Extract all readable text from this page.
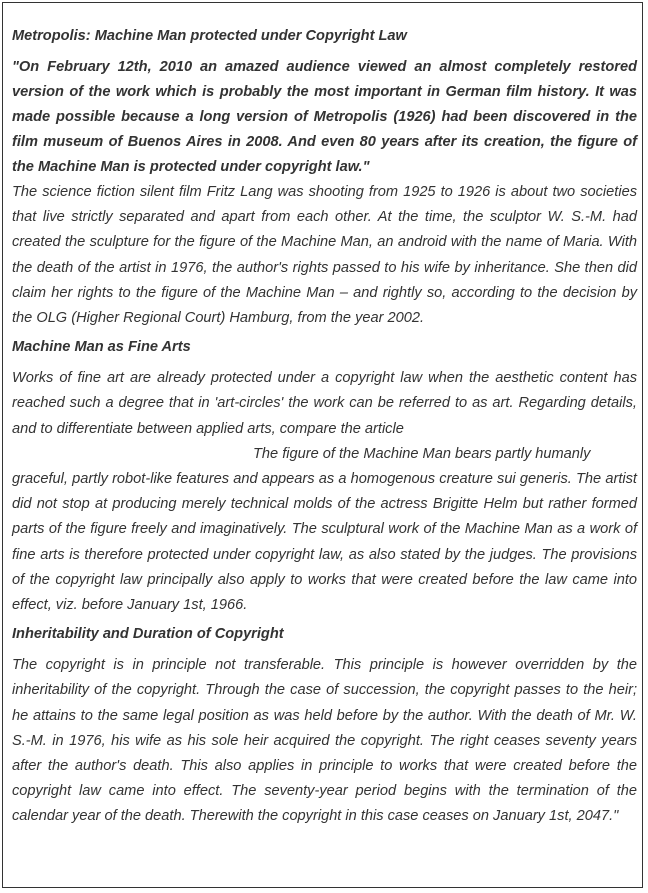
Metropolis: Machine Man protected under Copyright Law

"On February 12th, 2010 an amazed audience viewed an almost completely restored version of the work which is probably the most important in German film history. It was made possible because a long version of Metropolis (1926) had been discovered in the film museum of Buenos Aires in 2008. And even 80 years after its creation, the figure of the Machine Man is protected under copyright law."

The science fiction silent film Fritz Lang was shooting from 1925 to 1926 is about two societies that live strictly separated and apart from each other. At the time, the sculptor W. S.-M. had created the sculpture for the figure of the Machine Man, an android with the name of Maria. With the death of the artist in 1976, the author's rights passed to his wife by inheritance. She then did claim her rights to the figure of the Machine Man – and rightly so, according to the decision by the OLG (Higher Regional Court) Hamburg, from the year 2002.

Machine Man as Fine Arts

Works of fine art are already protected under a copyright law when the aesthetic content has reached such a degree that in 'art-circles' the work can be referred to as art. Regarding details, and to differentiate between applied arts, compare the article
The figure of the Machine Man bears partly humanly
graceful, partly robot-like features and appears as a homogenous creature sui generis. The artist did not stop at producing merely technical molds of the actress Brigitte Helm but rather formed parts of the figure freely and imaginatively. The sculptural work of the Machine Man as a work of fine arts is therefore protected under copyright law, as also stated by the judges. The provisions of the copyright law principally also apply to works that were created before the law came into effect, viz. before January 1st, 1966.

Inheritability and Duration of Copyright

The copyright is in principle not transferable. This principle is however overridden by the inheritability of the copyright. Through the case of succession, the copyright passes to the heir; he attains to the same legal position as was held before by the author. With the death of Mr. W. S.-M. in 1976, his wife as his sole heir acquired the copyright. The right ceases seventy years after the author's death. This also applies in principle to works that were created before the copyright law came into effect. The seventy-year period begins with the termination of the calendar year of the death. Therewith the copyright in this case ceases on January 1st, 2047."
